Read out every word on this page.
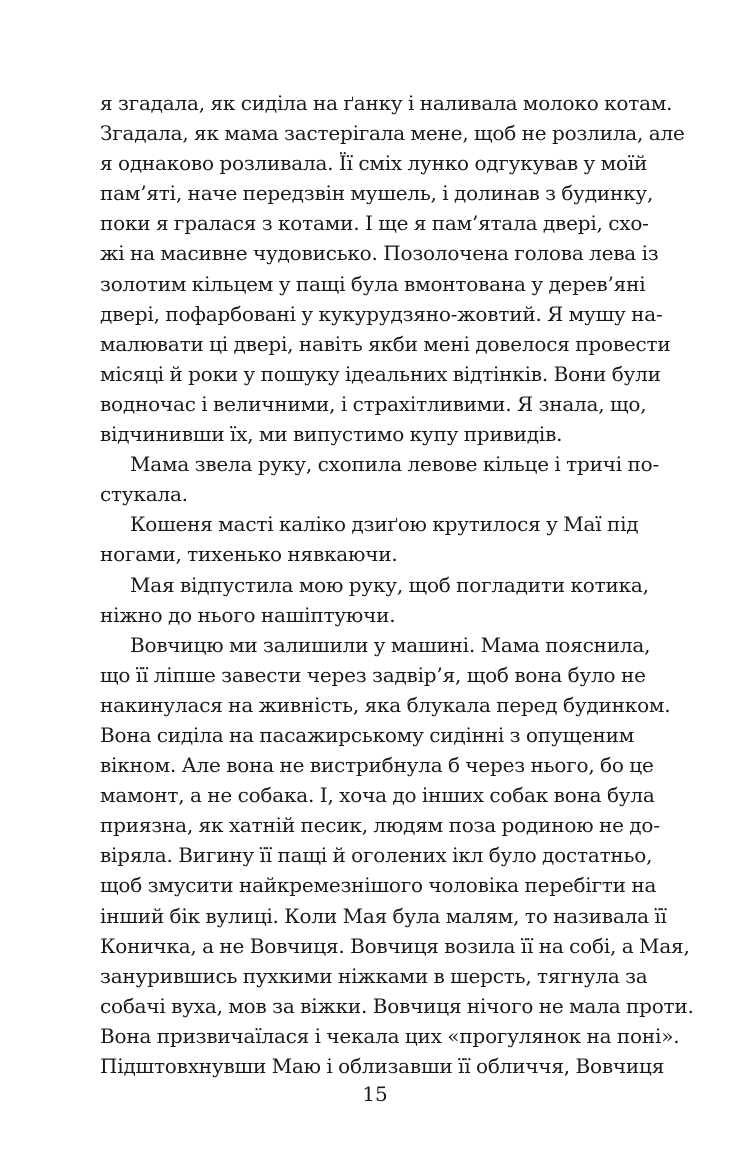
я згадала, як сиділа на ґанку і наливала молоко котам.
Згадала, як мама застерігала мене, щоб не розлила, але
я однаково розливала. Її сміх лунко одгукував у моїй
пам’яті, наче передзвін мушель, і долинав з будинку,
поки я гралася з котами. І ще я пам’ятала двері, схо-
жі на масивне чудовисько. Позолочена голова лева із
золотим кільцем у пащі була вмонтована у дерев’яні
двері, пофарбовані у кукурудзяно-жовтий. Я мушу на-
малювати ці двері, навіть якби мені довелося провести
місяці й роки у пошуку ідеальних відтінків. Вони були
водночас і величними, і страхітливими. Я знала, що,
відчинивши їх, ми випустимо купу привидів.
Мама звела руку, схопила левове кільце і тричі по-
стукала.
Кошеня масті каліко дзиґою крутилося у Маї під
ногами, тихенько нявкаючи.
Мая відпустила мою руку, щоб погладити котика,
ніжно до нього нашіптуючи.
Вовчицю ми залишили у машині. Мама пояснила,
що її ліпше завести через задвір’я, щоб вона було не
накинулася на живність, яка блукала перед будинком.
Вона сиділа на пасажирському сидінні з опущеним
вікном. Але вона не вистрибнула б через нього, бо це
мамонт, а не собака. І, хоча до інших собак вона була
приязна, як хатній песик, людям поза родиною не до-
віряла. Вигину її пащі й оголених ікл було достатньо,
щоб змусити найкремезнішого чоловіка перебігти на
інший бік вулиці. Коли Мая була малям, то називала її
Коничка, а не Вовчиця. Вовчиця возила її на собі, а Мая,
занурившись пухкими ніжками в шерсть, тягнула за
собачі вуха, мов за віжки. Вовчиця нічого не мала проти.
Вона призвичаїлася і чекала цих «прогулянок на поні».
Підштовхнувши Маю і облизавши її обличчя, Вовчиця
15
